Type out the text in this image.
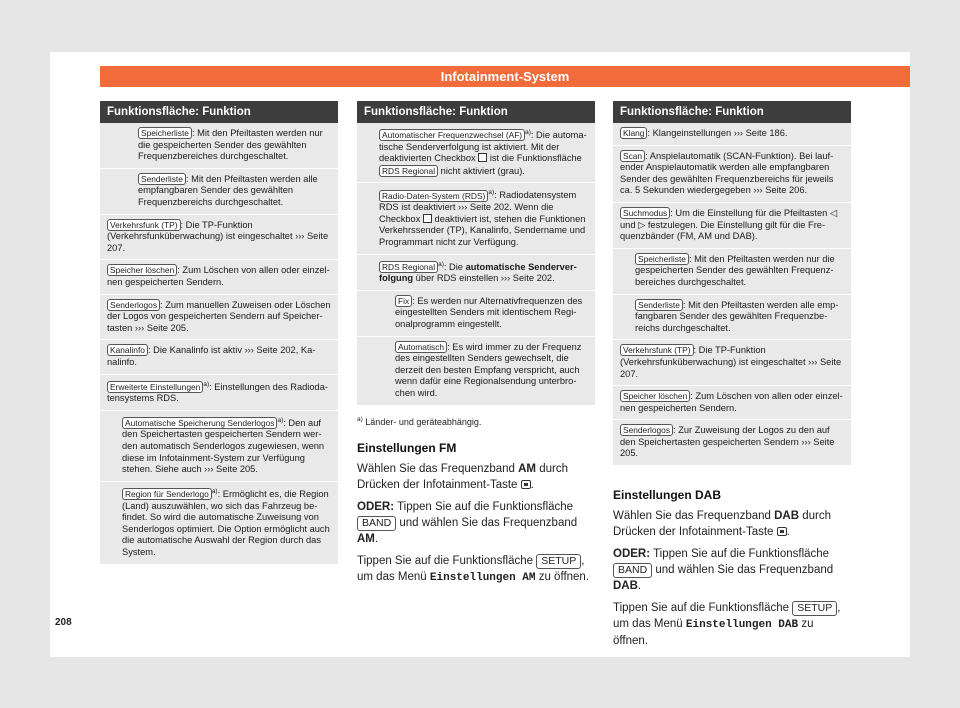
Infotainment-System
Funktionsfläche: Funktion
Speicherliste : Mit den Pfeiltasten werden nur die gespeicherten Sender des gewählten Frequenzbereiches durchgeschaltet.
Senderliste : Mit den Pfeiltasten werden alle empfangbaren Sender des gewählten Frequenzbereichs durchgeschaltet.
Verkehrsfunk (TP) : Die TP-Funktion (Verkehrsfunküberwachung) ist eingeschaltet ››› Seite 207.
Speicher löschen : Zum Löschen von allen oder einzelnen gespeicherten Sendern.
Senderlogos : Zum manuellen Zuweisen oder Löschen der Logos von gespeicherten Sendern auf Speichertasten ››› Seite 205.
Kanalinfo : Die Kanalinfo ist aktiv ››› Seite 202, Kanalinfo.
Erweiterte Einstellungen $^{a)}$: Einstellungen des Radiodatensystems RDS.
Automatische Speicherung Senderlogos $^{a)}$: Den auf den Speichertasten gespeicherten Sendern werden automatisch Senderlogos zugewiesen, wenn diese im Infotainment-System zur Verfügung stehen. Siehe auch ››› Seite 205.
Region für Senderlogo $^{a)}$: Ermöglicht es, die Region (Land) auszuwählen, wo sich das Fahrzeug befindet. So wird die automatische Zuweisung von Senderlogos optimiert. Die Option ermöglicht auch die automatische Auswahl der Region durch das System.
Funktionsfläche: Funktion
Automatischer Frequenzwechsel (AF) $^{a)}$: Die automatische Senderverfolgung ist aktiviert. Mit der deaktivierten Checkbox ist die Funktionsfläche RDS Regional nicht aktiviert (grau).
Radio-Daten-System (RDS) $^{a)}$: Radiodatensystem RDS ist deaktiviert ››› Seite 202. Wenn die Checkbox deaktiviert ist, stehen die Funktionen Verkehrssender (TP), Kanalinfo, Sendername und Programmart nicht zur Verfügung.
RDS Regional $^{a)}$: Die automatische Senderverfolgung über RDS einstellen ››› Seite 202.
Fix : Es werden nur Alternativfrequenzen des eingestellten Senders mit identischem Regionalprogramm eingestellt.
Automatisch : Es wird immer zu der Frequenz des eingestellten Senders gewechselt, die derzeit den besten Empfang verspricht, auch wenn dafür eine Regionalsendung unterbrochen wird.
$^{a)}$ Länder- und geräteabhängig.
Einstellungen FM
Wählen Sie das Frequenzband AM durch Drücken der Infotainment-Taste .
ODER: Tippen Sie auf die Funktionsfläche BAND und wählen Sie das Frequenzband AM.
Tippen Sie auf die Funktionsfläche SETUP , um das Menü Einstellungen AM zu öffnen.
Funktionsfläche: Funktion
Klang : Klangeinstellungen ››› Seite 186.
Scan : Anspielautomatik (SCAN-Funktion). Bei laufender Anspielautomatik werden alle empfangbaren Sender des gewählten Frequenzbereichs für jeweils ca. 5 Sekunden wiedergegeben ››› Seite 206.
Suchmodus : Um die Einstellung für die Pfeiltasten ◁ und ▷ festzulegen. Die Einstellung gilt für die Frequenzbänder (FM, AM und DAB).
Speicherliste : Mit den Pfeiltasten werden nur die gespeicherten Sender des gewählten Frequenzbereiches durchgeschaltet.
Senderliste : Mit den Pfeiltasten werden alle empfangbaren Sender des gewählten Frequenzbereichs durchgeschaltet.
Verkehrsfunk (TP) : Die TP-Funktion (Verkehrsfunküberwachung) ist eingeschaltet ››› Seite 207.
Speicher löschen : Zum Löschen von allen oder einzelnen gespeicherten Sendern.
Senderlogos : Zur Zuweisung der Logos zu den auf den Speichertasten gespeicherten Sendern ››› Seite 205.
Einstellungen DAB
Wählen Sie das Frequenzband DAB durch Drücken der Infotainment-Taste .
ODER: Tippen Sie auf die Funktionsfläche BAND und wählen Sie das Frequenzband DAB.
Tippen Sie auf die Funktionsfläche SETUP , um das Menü Einstellungen DAB zu öffnen.
208
